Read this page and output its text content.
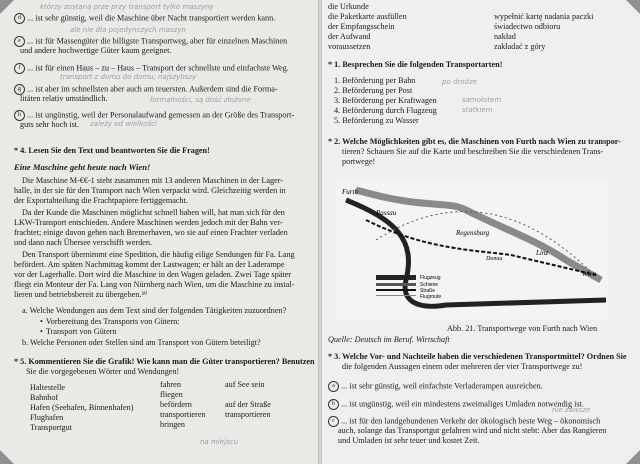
d ... ist sehr günstig, weil die Maschine über Nacht transportiert werden kann.
którzy zostaną prze przy transport tylko maszyny
e ... ist für Massengüter die billigste Transportweg, aber für einzelnen Maschinen
und andere hochwertige Güter kaum geeignet.
ale nie dla pojedynczych maszyn
f ... ist für einen Haus – zu – Haus – Transport der schnellste und einfachste Weg.
transport z domu do domu, najszybszy
g ... ist aber im schnellsten aber auch am teuersten. Außerdem sind die Forma-
litäten relativ umständlich.	formalności, są dość złożone
h ... ist ungünstig, weil der Personalaufwand gemessen an der Größe des Transport-
guts sehr hoch ist. zależy od wielkości
* 4. Lesen Sie den Text und beantworten Sie die Fragen!
Eine Maschine geht heute nach Wien!
Die Maschine M-€€-1 steht zusammen mit 13 anderen Maschinen in der Lager-
halle, in der sie für den Transport nach Wien verpackt wird. Gleichzeitig werden in
der Exportabteilung die Frachtpapiere fertiggemacht.
Da der Kunde die Maschinen möglichst schnell haben will, hat man sich für den
LKW-Transport entschieden. Andere Maschinen werden jedoch mit der Bahn ver-
frachtet; einige davon gehen nach Bremerhaven, wo sie auf einen Frachter verladen
und dann nach Übersee verschifft werden.
Den Transport übernimmt eine Spedition, die häufig eilige Sendungen für Fa. Lang
befördert. Am späten Nachmittag kommt der Lastwagen; er hält an der Laderampe
vor der Lagerhalle. Dort wird die Maschine in den Wagen geladen. Zwei Tage später
fliegt ein Monteur der Fa. Lang von Nürnberg nach Wien, um die Maschine zu instal-
lieren und betriebsbereit zu übergeben.³⁰
a. Welche Wendungen aus dem Text sind der folgenden Tätigkeiten zuzuordnen?
• Vorbereitung des Transports von Gütern:
• Transport von Gütern
b. Welche Personen oder Stellen sind am Transport von Gütern beteiligt?
* 5. Kommentieren Sie die Grafik! Wie kann man die Güter transportieren? Benutzen
Sie die vorgegebenen Wörter und Wendungen!
Haltestelle
Bahnhof
Hafen (Seehafen, Binnenhafen)
Flughafen
Transportgut
fahren
fliegen
befördern
transportieren
bringen
auf See sein
auf der Straße
transportieren
na miejscu
die Urkunde
die Paketkarte ausfüllen
der Empfangsschein
der Aufwand
voraussetzen
wypełnić kartę nadania paczki
świadectwo odbioru
nakład
zakładać z góry
* 1. Besprechen Sie die folgenden Transportarten!
1. Beförderung per Bahn
2. Beförderung per Post
3. Beförderung per Kraftwagen
4. Beförderung durch Flugzeug
5. Beförderung zu Wasser
po drodze
samolotem
statkiem
* 2. Welche Möglichkeiten gibt es, die Maschinen von Furth nach Wien zu transpor-
tieren? Schauen Sie auf die Karte und beschreiben Sie die verschiedenen Trans-
portwege!
Furth
Passau
Regensburg
Linz
Wien
Donau
Flugzeug
Schiene
Straße
Flugroute
Abb. 21. Transportwege von Furth nach Wien
Quelle: Deutsch im Beruf. Wirtschaft
* 3. Welche Vor- und Nachteile haben die verschiedenen Transportmittel? Ordnen Sie
die folgenden Aussagen einem oder mehreren der vier Transportwege zu!
a ... ist sehr günstig, weil einfachste Verladerampen ausreichen.
b ... ist ungünstig, weil ein mindestens zweimaliges Umladen notwendig ist.
c ... ist für den landgebundenen Verkehr der ökologisch beste Weg – ökonomisch
auch, solange das Transportgut gefahren wird und nicht steht: Aber das Rangieren
und Umladen ist sehr teuer und kostet Zeit.
nie zawsze
